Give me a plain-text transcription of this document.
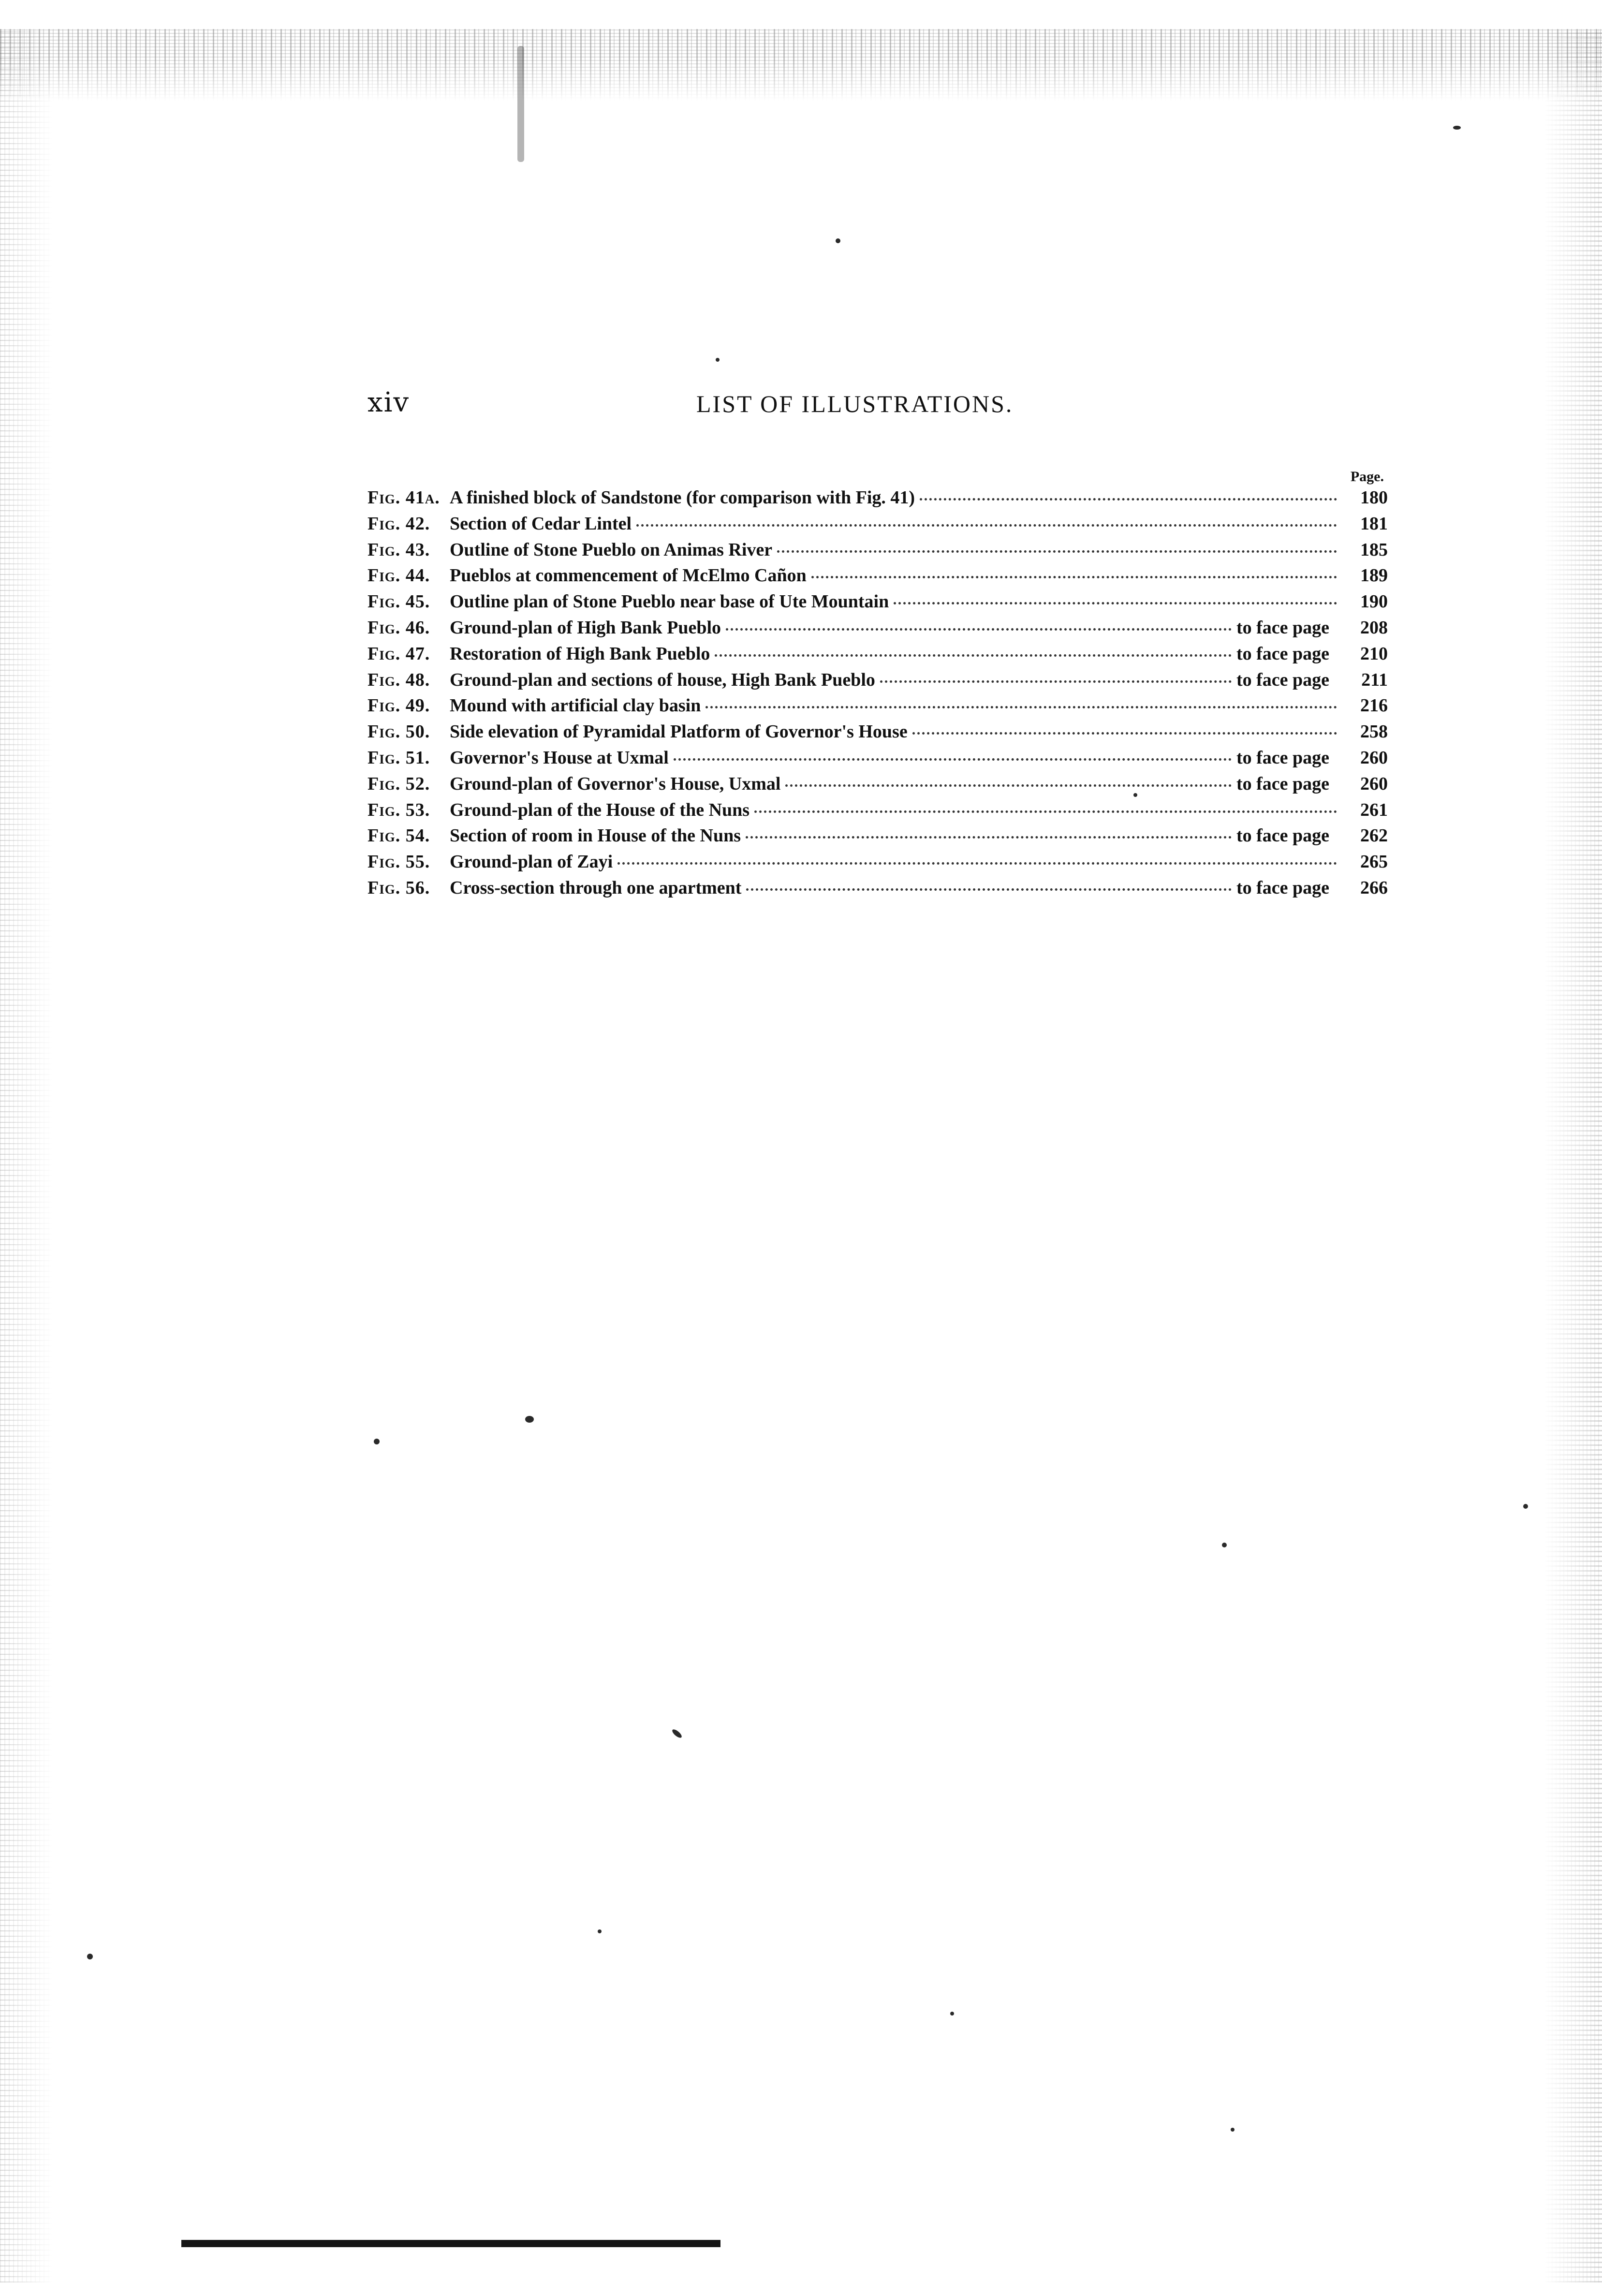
xiv	LIST OF ILLUSTRATIONS.
Page.
Fig. 41a. A finished block of Sandstone (for comparison with Fig. 41)	180
Fig. 42.	Section of Cedar Lintel	181
Fig. 43.	Outline of Stone Pueblo on Animas River	185
Fig. 44.	Pueblos at commencement of McElmo Cañon	189
Fig. 45.	Outline plan of Stone Pueblo near base of Ute Mountain	190
Fig. 46.	Ground-plan of High Bank Pueblo	to face page	208
Fig. 47.	Restoration of High Bank Pueblo	to face page	210
Fig. 48.	Ground-plan and sections of house, High Bank Pueblo	to face page	211
Fig. 49.	Mound with artificial clay basin	216
Fig. 50.	Side elevation of Pyramidal Platform of Governor's House	258
Fig. 51.	Governor's House at Uxmal	to face page	260
Fig. 52.	Ground-plan of Governor's House, Uxmal	to face page	260
Fig. 53.	Ground-plan of the House of the Nuns	261
Fig. 54.	Section of room in House of the Nuns	to face page	262
Fig. 55.	Ground-plan of Zayi	265
Fig. 56.	Cross-section through one apartment	to face page	266
